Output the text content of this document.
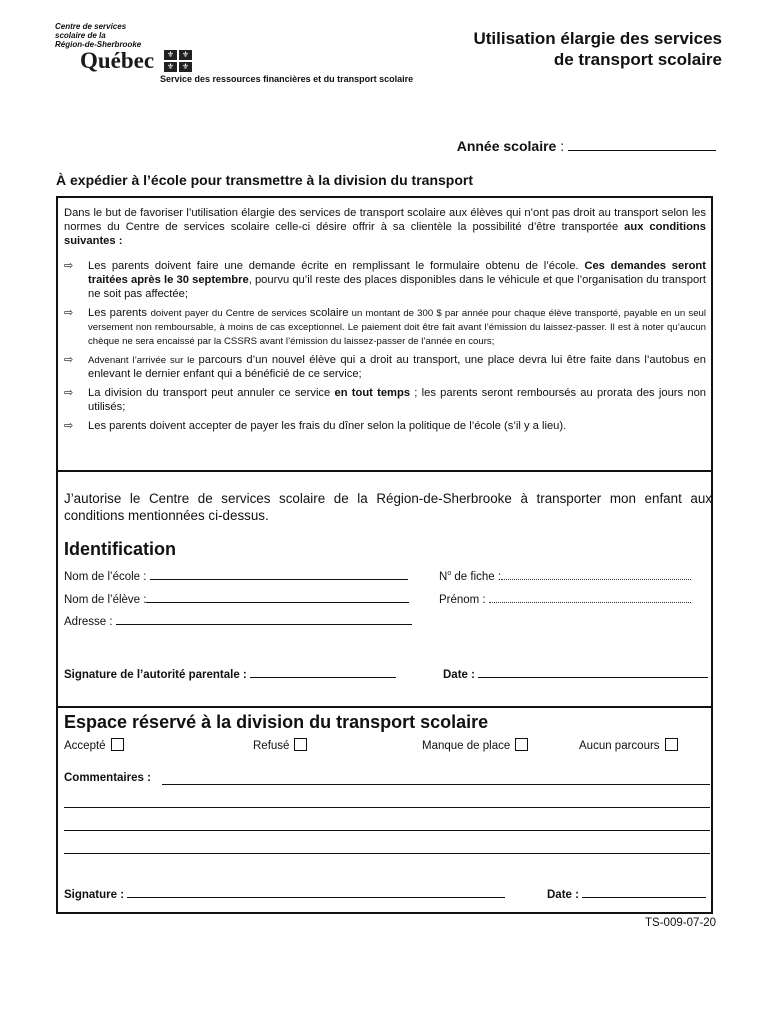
Centre de services
scolaire de la
Région-de-Sherbrooke
Québec	⚜ ⚜
⚜ ⚜
Service des ressources financières et du transport scolaire
Utilisation élargie des services
de transport scolaire
Année scolaire :
À expédier à l’école pour transmettre à la division du transport
Dans le but de favoriser l’utilisation élargie des services de transport scolaire aux élèves qui n’ont pas droit au transport selon les normes du Centre de services scolaire celle-ci désire offrir à sa clientèle la possibilité d’être transportée aux conditions suivantes :
⇨ Les parents doivent faire une demande écrite en remplissant le formulaire obtenu de l’école. Ces demandes seront traitées après le 30 septembre, pourvu qu’il reste des places disponibles dans le véhicule et que l’organisation du transport ne soit pas affectée;
⇨ Les parents doivent payer du Centre de services scolaire un montant de 300 $ par année pour chaque élève transporté, payable en un seul versement non remboursable, à moins de cas exceptionnel. Le paiement doit être fait avant l’émission du laissez-passer. Il est à noter qu’aucun chèque ne sera encaissé par la CSSRS avant l’émission du laissez-passer de l’année en cours;
⇨ Advenant l’arrivée sur le parcours d’un nouvel élève qui a droit au transport, une place devra lui être faite dans l’autobus en enlevant le dernier enfant qui a bénéficié de ce service;
⇨ La division du transport peut annuler ce service en tout temps ; les parents seront remboursés au prorata des jours non utilisés;
⇨ Les parents doivent accepter de payer les frais du dîner selon la politique de l’école (s’il y a lieu).
J’autorise le Centre de services scolaire de la Région-de-Sherbrooke à transporter mon enfant aux conditions mentionnées ci-dessus.
Identification
Nom de l’école :	$N^o$ de fiche :
Nom de l’élève :	Prénom :
Adresse :
Signature de l’autorité parentale :	Date :
Espace réservé à la division du transport scolaire
Accepté	Refusé	Manque de place	Aucun parcours
Commentaires :
Signature :	Date :
TS-009-07-20
